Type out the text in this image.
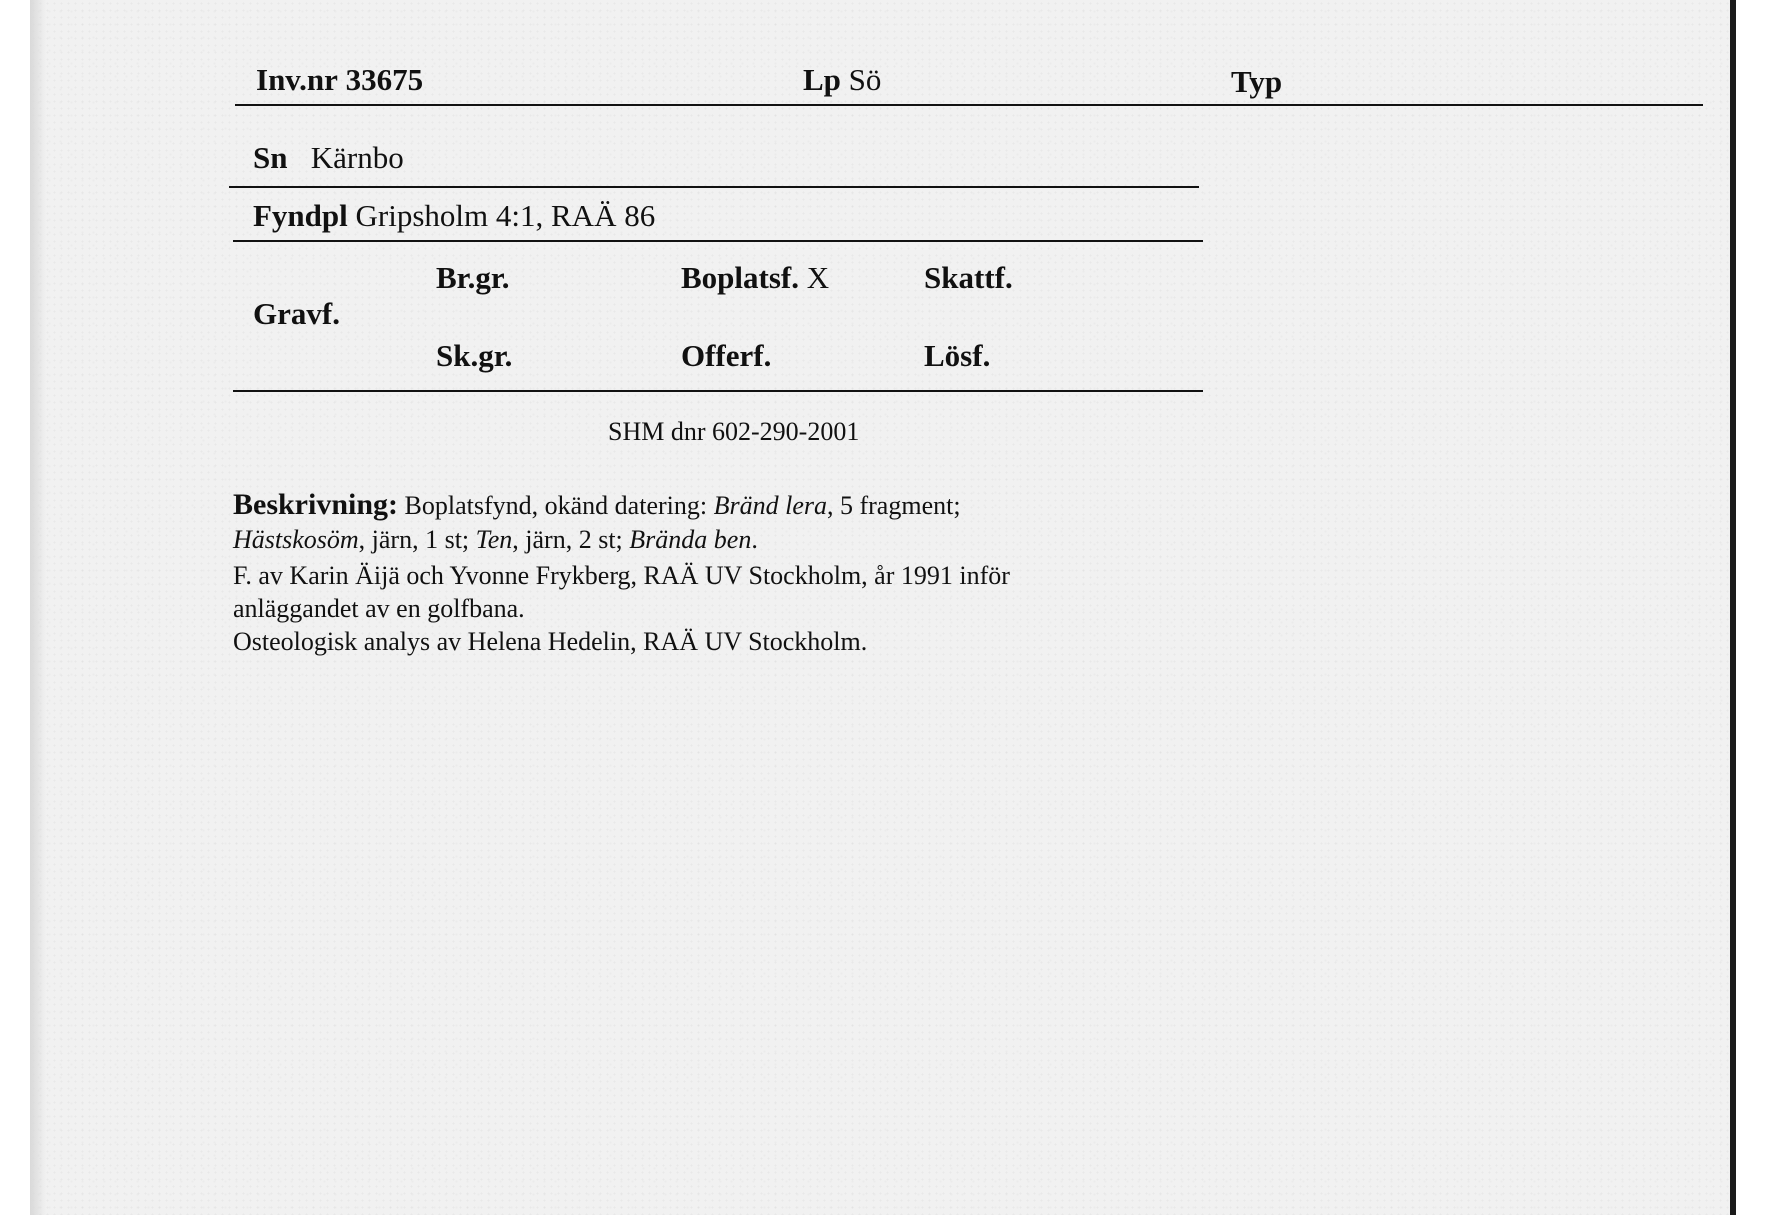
Inv.nr 33675	Lp Sö	Typ
Sn Kärnbo
Fyndpl Gripsholm 4:1, RAÄ 86
Br.gr.	Boplatsf. X	Skattf.
Gravf.
Sk.gr.	Offerf.	Lösf.
SHM dnr 602-290-2001
Beskrivning: Boplatsfynd, okänd datering: Bränd lera, 5 fragment;
Hästskosöm, järn, 1 st; Ten, järn, 2 st; Brända ben.
F. av Karin Äijä och Yvonne Frykberg, RAÄ UV Stockholm, år 1991 inför
anläggandet av en golfbana.
Osteologisk analys av Helena Hedelin, RAÄ UV Stockholm.
